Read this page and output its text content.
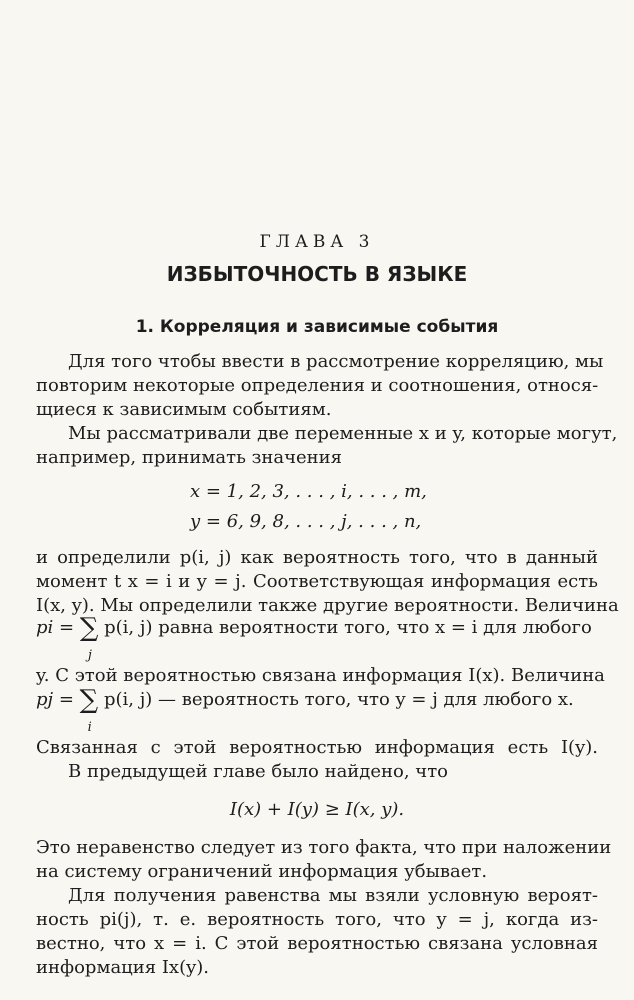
ГЛАВА 3
ИЗБЫТОЧНОСТЬ В ЯЗЫКЕ
1. Корреляция и зависимые события
Для того чтобы ввести в рассмотрение корреляцию, мы
повторим некоторые определения и соотношения, относя-
щиеся к зависимым событиям.
Мы рассматривали две переменные x и y, которые могут,
например, принимать значения
x = 1, 2, 3, . . . , i, . . . , m,
y = 6, 9, 8, . . . , j, . . . , n,
и определили p(i, j) как вероятность того, что в данный
момент t x = i и y = j. Соответствующая информация есть
I(x, y). Мы определили также другие вероятности. Величина
pi = ∑
j
p(i, j) равна вероятности того, что x = i для любого
y. С этой вероятностью связана информация I(x). Величина
pj = ∑
i
p(i, j) — вероятность того, что y = j для любого x.
Связанная с этой вероятностью информация есть I(y).
В предыдущей главе было найдено, что
I(x) + I(y) ≥ I(x, y).
Это неравенство следует из того факта, что при наложении
на систему ограничений информация убывает.
Для получения равенства мы взяли условную вероят-
ность pi(j), т. е. вероятность того, что y = j, когда из-
вестно, что x = i. С этой вероятностью связана условная
информация Ix(y).
